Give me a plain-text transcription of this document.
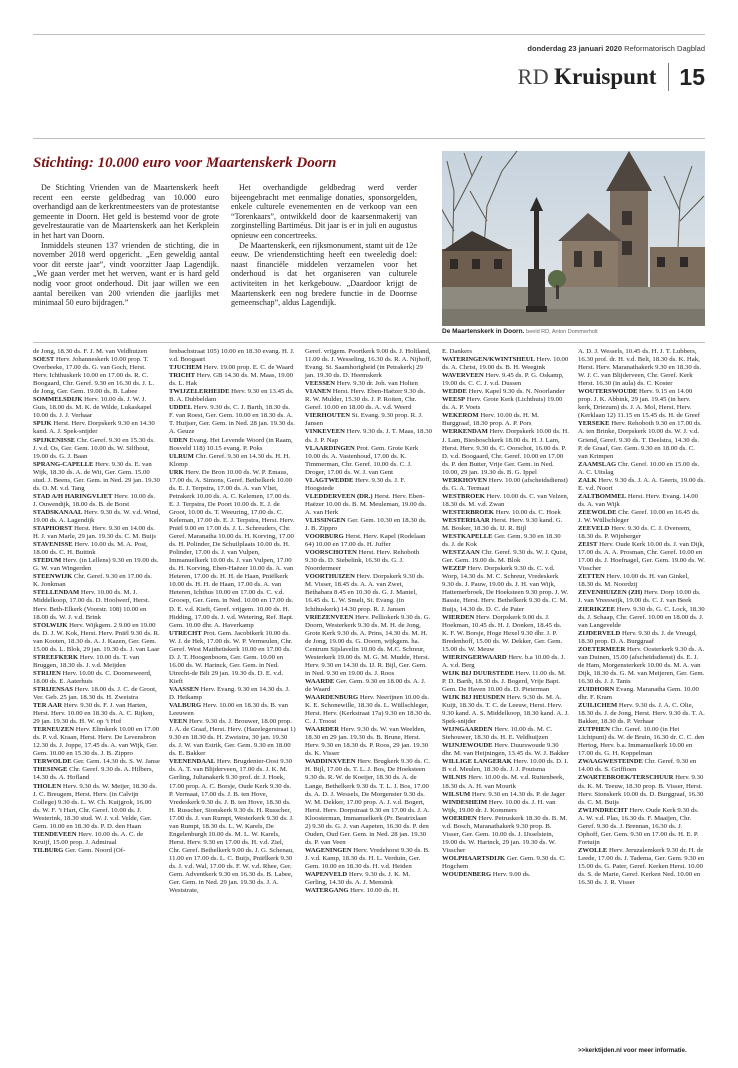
donderdag 23 januari 2020 Reformatorisch Dagblad
RD Kruispunt 15
Stichting: 10.000 euro voor Maartenskerk Doorn

De Stichting Vrienden van de Maartenskerk heeft recent een eerste geldbedrag van 10.000 euro overhandigd aan de kerkrentmeesters van de protestantse gemeente in Doorn. Het geld is bestemd voor de grote gevelrestauratie van de Maartenskerk aan het Kerkplein in het hart van Doorn.

Inmiddels steunen 137 vrienden de stichting, die in november 2018 werd opgericht. „Een geweldig aantal voor dit eerste jaar”, vindt voorzitter Jaap Lagendijk. „We gaan verder met het werven, want er is hard geld nodig voor groot onderhoud. Dit jaar willen we een aantal bereiken van 200 vrienden die jaarlijks met minimaal 50 euro bijdragen.”

Het overhandigde geldbedrag werd verder bijeengebracht met eenmalige donaties, sponsorgelden, enkele culturele evenementen en de verkoop van een “Torenkaars”, ontwikkeld door de kaarsenmakerij van zorginstelling Bartiméus. Dit jaar is er in juli en augustus opnieuw een concertreeks.

De Maartenskerk, een rijksmonument, stamt uit de 12e eeuw. De vriendenstichting heeft een tweeledig doel: naast financiële middelen verzamelen voor het onderhoud is dat het organiseren van culturele activiteiten in het kerkgebouw. „Daardoor krijgt de Maartenskerk een nog bredere functie in de Doornse gemeenschap”, aldus Lagendijk.

De Maartenskerk in Doorn. beeld RD, Anton Dommerholt
de Jong, 18.30 ds. F. J. M. van Veldhuizen
SOEST Herv. Johanneskerk 10.00 prop. T. Overbeeke, 17.00 ds. G. van Goch, Herst. Herv. Ichthuskerk 10.00 en 17.00 ds. R. C. Boogaard, Chr. Geref. 9.30 en 16.30 ds. J. L. de Jong, Ger. Gem. 19.00 ds. B. Labee
SOMMELSDIJK Herv. 10.00 ds. J. W. J. Guis, 18.00 ds. M. K. de Wilde, Lukaskapel 10.00 ds. J. J. Verhaar
SPIJK Herst. Herv. Dorpskerk 9.30 en 14.30 kand. A. J. Spek-snijder
SPIJKENISSE Chr. Geref. 9.30 en 15.30 ds. J. v.d. Os, Ger. Gem. 10.00 ds. W. Silfhout, 19.00 ds. G. J. Baan
SPRANG-CAPELLE Herv. 9.30 ds. E. van Wijk, 18.30 ds. A. de Wit, Ger. Gem. 15.00 stud. J. Beens, Ger. Gem. in Ned. 29 jan. 19.30 ds. O. M. v.d. Tang
STAD A/H HARINGVLIET Herv. 10.00 ds. J. Ouwendijk, 18.00 ds. B. de Borst
STADSKANAAL Herv. 9.30 ds. W. v.d. Wind, 19.00 ds. A. Lagendijk
STAPHORST Herst. Herv. 9.30 en 14.00 ds. H. J. van Marle, 29 jan. 19.30 ds. C. M. Buijs
STAVENISSE Herv. 10.00 ds. M. A. Post, 18.00 ds. C. H. Buitink
STEDUM Herv. (in Lellens) 9.30 en 19.00 ds. G. W. van Wingerden
STEENWIJK Chr. Geref. 9.30 en 17.00 ds. K. Jonkman
STELLENDAM Herv. 10.00 ds. M. J. Middelkoop, 17.00 ds. D. Hoolwerf, Herst. Herv. Beth-Elkerk (Voorstr. 108) 10.00 en 18.00 ds. W. J. v.d. Brink
STOLWIJK Herv. Wijkgem. 2 9.00 en 19.00 ds. D. J. W. Kok, Herst. Herv. Pniël 9.30 ds. R. van Kooten, 18.30 ds. A. J. Kazen, Ger. Gem. 15.00 ds. L. Blok, 29 jan. 19.30 ds. J. van Laar
STREEFKERK Herv. 10.00 ds. T. van Bruggen, 18.30 ds. J. v.d. Meijden
STRIJEN Herv. 10.00 ds. C. Doorneweerd, 18.00 ds. E. Aaterhuis
STRIJENSAS Herv. 18.00 ds. J. C. de Groot, Ver. Geb. 25 jan. 18.30 ds. H. Zweistra
TER AAR Herv. 9.30 ds. F. J. van Harten, Herst. Herv. 10.00 en 18.30 ds. A. C. Rijken, 29 jan. 19.30 ds. H. W. op ’t Hof
TERNEUZEN Herv. Elimkerk 10.00 en 17.00 ds. P. v.d. Kraan, Herst. Herv. De Levensbron 12.30 ds. J. Joppe, 17.45 ds. A. van Wijk, Ger. Gem. 10.00 en 15.30 ds. J. B. Zippro
TERWOLDE Ger. Gem. 14.30 ds. S. W. Janse
THESINGE Chr. Geref. 9.30 ds. A. Hilbers, 14.30 ds. A. Hofland
THOLEN Herv. 9.30 ds. W. Meijer, 18.30 ds. J. C. Breugem, Herst. Herv. (in Calvijn College) 9.30 ds. L. W. Ch. Kuijgrok, 16.00 ds. W. F. ’t Hart, Chr. Geref. 10.00 ds. J. Westerink, 18.30 stud. W. J. v.d. Velde, Ger. Gem. 10.00 en 18.30 ds. P. D. den Haan
TIENDEVEEN Herv. 10.00 ds. A. C. de Kruijf, 15.00 prop. J. Admiraal
TILBURG Ger. Gem. Noord (Of-
fenbachstraat 105) 10.00 en 18.30 evang. H. J. v.d. Boogaart
TJUCHEM Herv. 19.00 prop. E. C. de Waard
TRICHT Herv. GB 14.30 ds. M. Maas, 19.00 ds. L. Hak
TWIJZELERHEIDE Herv. 9.30 en 13.45 ds. B. A. Dubbeldam
UDDEL Herv. 9.30 ds. C. J. Barth, 18.30 ds. F. van Roest, Ger. Gem. 10.00 en 18.30 ds. A. T. Huijser, Ger. Gem. in Ned. 28 jan. 19.30 ds. A. Geuze
UDEN Evang. Het Levende Woord (in Raam, Bosveld 118) 10.15 evang. P. Poks
ULRUM Chr. Geref. 9.30 en 14.30 ds. H. H. Klomp
URK Herv. De Bron 10.00 ds. W. P. Emaus, 17.00 ds. A. Simons, Geref. Bethelkerk 10.00 ds. E. J. Terpstra, 17.00 ds. A. van Vliet, Petrakerk 10.00 ds. A. C. Kelemen, 17.00 ds. E. J. Terpstra, De Poort 10.00 ds. E. J. de Groot, 10.00 ds. T. Weeuring, 17.00 ds. C. Keleman, 17.00 ds. E. J. Terpstra, Herst. Herv. Pniël 9.00 en 17.00 ds. J. L. Schreuders, Chr. Geref. Maranatha 10.00 ds. H. Korving, 17.00 ds. H. Polinder, De Schuilplaats 10.00 ds. H. Polinder, 17.00 ds. J. van Vulpen, Immanuelkerk 10.00 ds. J. van Vulpen, 17.00 ds. H. Korving, Eben-Haëzer 10.00 ds. A. van Heteren, 17.00 ds. H. H. de Haan, Pniëlkerk 10.00 ds. H. H. de Haan, 17.00 ds. A. van Heteren, Ichthus 10.00 en 17.00 ds. C. v.d. Grooep, Ger. Gem. in Ned. 10.00 en 17.00 ds. D. E. v.d. Kieft, Geref. vrijgem. 10.00 ds. H. Hidding, 17.00 ds. J. v.d. Wetering, Ref. Bapt. Gem. 10.00 dhr. A. Haverkamp
UTRECHT Prot. Gem. Jacobikerk 10.00 ds. W. J. de Hek, 17.00 ds. W. P. Vermeulen, Chr. Geref. West Mattheüskerk 10.00 en 17.00 ds. D. J. T. Hoogenboom, Ger. Gem. 10.00 en 16.00 ds. W. Harinck, Ger. Gem. in Ned. Utrecht-de Bilt 29 jan. 19.30 ds. D. E. v.d. Kieft
VAASSEN Herv. Evang. 9.30 en 14.30 ds. J. D. Heikamp
VALBURG Herv. 10.00 en 18.30 ds. B. van Leeuwen
VEEN Herv. 9.30 ds. J. Brouwer, 18.00 prop. J. A. de Graaf, Herst. Herv. (Hazelegerstraat 1) 9.30 en 18.30 ds. H. Zweistra, 30 jan. 19.30 ds. J. W. van Estrik, Ger. Gem. 9.30 en 18.00 ds. E. Bakker
VEENENDAAL Herv. Brugdenier-Oost 9.30 ds. A. T. van Blijderveen, 17.00 ds. J. K. M. Gerling, Julianakerk 9.30 prof. dr. J. Hoek, 17.00 prop. A. C. Borsje, Oude Kerk 9.30 ds. P. Vermaat, 17.00 ds. J. B. ten Hove, Vredeskerk 9.30 ds. J. B. ten Hove, 18.30 ds. H. Russcher, Sionskerk 9.30 ds. H. Russcher, 17.00 ds. J. van Rumpt, Westerkerk 9.30 ds. J. van Rumpt, 18.30 ds. L. W. Karels, De Engelenburgh 10.00 ds. M. L. W. Karels, Herst. Herv. 9.30 en 17.00 ds. H. v.d. Ziel, Chr. Geref. Bethelkerk 9.00 ds. J. G. Schenau, 11.00 en 17.00 ds. L. C. Buijs, Pniëlkerk 9.30 ds. J. v.d. Wal, 17.00 ds. F. W. v.d. Rhee, Ger. Gem. Adventkerk 9.30 en 16.30 ds. B. Labee, Ger. Gem. in Ned. 29 jan. 19.30 ds. J. A. Weststrate,
Geref. vrijgem. Poortkerk 9.00 ds. J. Holtland, 11.00 ds. J. Wesseling, 16.30 ds. R. A. Nijhoff, Evang. St. Saamhorigheid (in Petrakerk) 29 jan. 19.30 ds. D. Heemskerk
VEESSEN Herv. 9.30 dr. Joh. van Holten
VIANEN Herst. Herv. Eben-Haëzer 9.30 ds. R. W. Mulder, 15.30 ds. J. P. Roiten, Chr. Geref. 10.00 en 18.00 ds. A. v.d. Weerd
VIERHOUTEN St. Evang. 9.30 prop. R. J. Jansen
VINKEVEEN Herv. 9.30 ds. J. T. Maas, 18.30 ds. J. P. Nap
VLAARDINGEN Prot. Gem. Grote Kerk 10.00 ds. A. Vastenhoud, 17.00 ds. K. Timmerman, Chr. Geref. 10.00 ds. C. J. Droger, 17.00 ds. W. J. van Gent
VLAGTWEDDE Herv. 9.30 ds. J. F. Hoogstede
VLEDDERVEEN (DR.) Herst. Herv. Eben-Haëzer 10.00 ds. B. M. Meuleman, 19.00 ds. A. van Herk
VLISSINGEN Ger. Gem. 10.30 en 18.30 ds. J. B. Zippro
VOORBURG Herst. Herv. Kapel (Rodelaan 64) 10.00 en 17.00 ds. H. Juffer
VOORSCHOTEN Herst. Herv. Rehoboth 9.30 ds. D. Siebelink, 16.30 ds. G. J. Noordermeer
VOORTHUIZEN Herv. Dorpskerk 9.30 ds. M. Visser, 18.45 ds. A. A. van Zwet, Bethabara 8.45 en 10.30 ds. G. J. Mantel, 16.45 ds. L. W. Smelt, St. Evang. (in Ichthuskerk) 14.30 prop. R. J. Jansen
VRIEZENVEEN Herv. Pelliokerk 9.30 ds. G. Doorn, Westerkerk 9.30 ds. M. H. de Jong, Grote Kerk 9.30 ds. A. Prins, 14.30 ds. M. H. de Jong, 19.00 ds. G. Doorn, wijkgem. ha. Centrum Sijslavelin 10.00 ds. M.C. Schreur, Westerkerk 19.00 ds. M. G. M. Mudde, Herst. Herv. 9.30 en 14.30 ds. IJ. R. Bijl, Ger. Gem. in Ned. 9.30 en 19.00 ds. J. Roos
WAARDE Ger. Gem. 9.30 en 18.00 ds. A. J. de Waard
WAARDENBURG Herv. Neerijnen 10.00 ds. K. E. Schonewille, 18.30 ds. L. Wüllschleger, Herst. Herv. (Kerkstraat 17a) 9.30 en 18.30 ds. C. J. Troost
WAARDER Herv. 9.30 ds. W. van Weelden, 18.30 en 29 jan. 19.30 ds. B. Brune, Herst. Herv. 9.30 en 18.30 ds. P. Roos, 29 jan. 19.30 ds. K. Visser
WADDINXVEEN Herv. Brugkerk 9.30 ds. C. H. Bijl, 17.00 ds. T. L. J. Bos, De Hoeksteen 9.30 ds. R. W. de Koeijer, 18.30 ds. A. de Lange, Bethelkerk 9.30 ds. T. L. J. Bos, 17.00 ds. A. D. J. Wessels, De Morgenster 9.30 ds. W. M. Dekker, 17.00 prop. A. J. v.d. Bogert, Herst. Herv. Dorpstraat 9.30 en 17.00 ds. J. A. Kloosterman, Immanuelkerk (Pr. Beatrixlaan 2) 9.30 ds. G. J. van Aapeten, 16.30 ds. P. den Ouden, Oud Ger. Gem. in Ned. 28 jan. 19.30 ds. P. van Veen
WAGENINGEN Herv. Vredehorst 9.30 ds. B. J. v.d. Kamp, 18.30 ds. H. L. Verduin, Ger. Gem. 10.00 en 18.30 ds. H. v.d. Heiden
WAPENVELD Herv. 9.30 ds. J. K. M. Gerling, 14.30 ds. A. J. Mensink
WATERGANG Herv. 10.00 ds. H.
E. Dankers
WATERINGEN/KWINTSHEUL Herv. 10.00 ds. A. Christ, 19.00 ds. B. H. Weegink
WAVERVEEN Herv. 9.45 ds. P. G. Oskamp, 19.00 ds. C. C. J. v.d. Dussen
WEDDE Herv. Kapel 9.30 ds. N. Noorlander
WEESP Herv. Grote Kerk (Lichthuis) 19.00 ds. A. P. Voets
WEKEROM Herv. 10.00 ds. H. M. Burggraaf, 18.30 prop. A. P. Pors
WERKENDAM Herv. Dorpskerk 10.00 ds. H. J. Lam, Biesboschkerk 18.00 ds. H. J. Lam, Herst. Herv. 9.30 ds. C. Oorschot, 16.00 ds. P. D. v.d. Boogaard, Chr. Geref. 10.00 en 17.00 ds. P. den Butter, Vrije Ger. Gem. in Ned. 10.00, 29 jan. 19.30 ds. B. G. Ippel
WERKHOVEN Herv. 10.00 (afscheidsdienst) ds. G. A. Termaat
WESTBROEK Herv. 10.00 ds. C. van Velzen, 18.30 ds. M. v.d. Zwan
WESTERBROEK Herv. 10.00 ds. C. Hoek
WESTERHAAR Herst. Herv. 9.30 kand. G. M. Bosker, 18.30 ds. IJ. R. Bijl
WESTKAPELLE Ger. Gem. 9.30 en 18.30 ds. J. de Kok
WESTZAAN Chr. Geref. 9.30 ds. W. J. Quist, Ger. Gem. 19.00 ds. M. Blok
WEZEP Herv. Dorpskerk 9.30 ds. C. v.d. Worp, 14.30 ds. M. C. Schreur, Vredeskerk 9.30 ds. J. Pauw, 19.00 ds. J. H. van Wijk, Hattemerbroek, De Hoeksteen 9.30 prop. J. W. Bassie, Herst. Herv. Bethelkerk 9.30 ds. C. M. Buijs, 14.30 ds. D. C. de Pater
WIERDEN Herv. Dorpskerk 9.00 ds. J. Hoekman, 10.45 ds. H. J. Donken, 18.45 ds. K. F. W. Borsje, Hoge Hexel 9.30 dhr. J. P. Bredenhoff, 15.00 ds. W. Dekker, Ger. Gem. 15.00 ds. W. Meuw
WIERINGERWAARD Herv. b.a 10.00 ds. J. A. v.d. Berg
WIJK BIJ DUURSTEDE Herv. 11.00 ds. M. P. D. Barth, 18.30 ds. J. Bogerd, Vrije Bapt. Gem. De Haven 10.00 ds. D. Pieterman
WIJK BIJ HEUSDEN Herv. 9.30 ds. M. A. Kuijt, 18.30 ds. T. C. de Leeuw, Herst. Herv. 9.30 kand. A. S. Middelkoop, 18.30 kand. A. J. Spek-snijder
WIJNGAARDEN Herv. 10.00 ds. M. C. Stehouwer, 18.30 ds. H. E. Veldhuijzen
WIJNJEWOUDE Herv. Duurswoude 9.30 dhr. M. van Heijningen, 13.45 ds. W. J. Bakker
WILLIGE LANGERAK Herv. 10.00 ds. D. I. B v.d. Meulen, 18.30 ds. J. J. Poutsma
WILNIS Herv. 10.00 ds. M. v.d. Ruitenbeek, 18.30 ds. A. H. van Mourik
WILSUM Herv. 9.30 en 14.30 ds. P. de Jager
WINDESHEIM Herv. 10.00 ds. J. H. van Wijk, 19.00 dr. J. Kommers
WOERDEN Herv. Petruskerk 18.30 ds. B. M. v.d. Bosch, Maranathakerk 9.30 prop. B. Visser, Ger. Gem. 10.00 ds. J. IJsselstein, 19.00 ds. W. Harinck, 29 jan. 19.30 ds. W. Visscher
WOLPHAARTSDIJK Ger. Gem. 9.30 ds. C. Hogchem
WOUDENBERG Herv. 9.00 ds.
A. D. J. Wessels, 10.45 ds. H. J. T. Lubbers, 16.30 prof. dr. H. v.d. Belt, 18.30 ds. K. Hak, Herst. Herv. Maranathakerk 9.30 en 18.30 ds. W. J. C. van Blijderveen, Chr. Geref. Kerk Herst. 16.30 (in aula) ds. C. Koster
WOUTERSWOUDE Herv. 9.15 en 14.00 prop. J. K. Abbink, 29 jan. 19.45 (in herv. kerk, Driezum) ds. J. A. Mol, Herst. Herv. (Kerklaan 12) 11.15 en 15.45 ds. H. de Greef
YERSEKE Herv. Rehoboth 9.30 en 17.00 ds. A. ten Brinke, Dorpskerk 10.00 ds. W. J. v.d. Griend, Geref. 9.30 ds. T. Deelstra, 14.30 ds. P. de Graaf, Ger. Gem. 9.30 en 18.00 ds. C. van Krimpen
ZAAMSLAG Chr. Geref. 10.00 en 15.00 ds. A. C. Uitslag
ZALK Herv. 9.30 ds. J. A. A. Geerts, 19.00 ds. E. v.d. Noort
ZALTBOMMEL Herst. Herv. Evang. 14.00 ds. A. van Wijk
ZEEWOLDE Chr. Geref. 10.00 en 16.45 ds. J. W. Wüllschleger
ZEEVELD Herv. 9.30 ds. C. J. Overeem, 18.30 ds. P. Wijnberger
ZEIST Herv. Oude Kerk 10.00 ds. J. van Dijk, 17.00 ds. A. A. Prosman, Chr. Geref. 10.00 en 17.00 ds. J. Hoefnagel, Ger. Gem. 19.00 ds. W. Visscher
ZETTEN Herv. 10.00 ds. H. van Ginkel, 18.30 ds. M. Noordzij
ZEVENHUIZEN (ZH) Herv. Dorp 10.00 ds. J. van Vreeswijk, 19.00 ds. C. J. van Beek
ZIERIKZEE Herv. 9.30 ds. G. C. Lock, 18.30 ds. J. Schaap, Chr. Geref. 10.00 en 18.00 ds. J. van Langevelde
ZIJDERVELD Herv. 9.30 ds. J. de Vreugd, 18.30 prop. D. A. Burggraaf
ZOETERMEER Herv. Oosterkerk 9.30 ds. A. van Duinen, 15.00 (afscheidsdienst) ds. E. J. de Ham, Morgensterkerk 10.00 ds. M. A. van Dijk, 18.30 ds. G. M. van Meijeren, Ger. Gem. 16.30 ds. J. J. Tanis
ZUIDHORN Evang. Maranatha Gem. 10.00 dhr. F. Kram
ZUILICHEM Herv. 9.30 ds. J. A. C. Olie, 18.30 ds. J. de Jong, Herst. Herv. 9.30 ds. T. A. Bakker, 18.30 ds. P. Verhaar
ZUTPHEN Chr. Geref. 10.00 (in Het Lichtpunt) ds. W. de Bruin, 16.30 dr. C. C. den Hertog, Herv. b.a. Immanuelkerk 10.00 en 17.00 ds. G. H. Koppelman
ZWAAGWESTEINDE Chr. Geref. 9.30 en 14.00 ds. S. Griffioen
ZWARTEBROEK/TERSCHUUR Herv. 9.30 ds. K. M. Teeuw, 18.30 prop. B. Visser, Herst. Herv. Sionskerk 10.00 ds. D. Burggraaf, 16.30 ds. C. M. Buijs
ZWIJNDRECHT Herv. Oude Kerk 9.30 ds. A. W. v.d. Plas, 16.30 ds. F. Maaijen, Chr. Geref. 9.30 ds. J. Brennan, 16.30 ds. J. Ophoff, Ger. Gem. 9.30 en 17.00 ds. H. E. P. Fortuijn
ZWOLLE Herv. Jeruzalemkerk 9.30 dr. H. de Leede, 17.00 ds. J. Tadema, Ger. Gem. 9.30 en 15.00 ds. G. Pater, Geref. Kerken Herst. 10.00 ds. S. de Marie, Geref. Kerken Ned. 10.00 en 16.30 ds. J. R. Visser
>>kerktijden.nl voor meer informatie.
